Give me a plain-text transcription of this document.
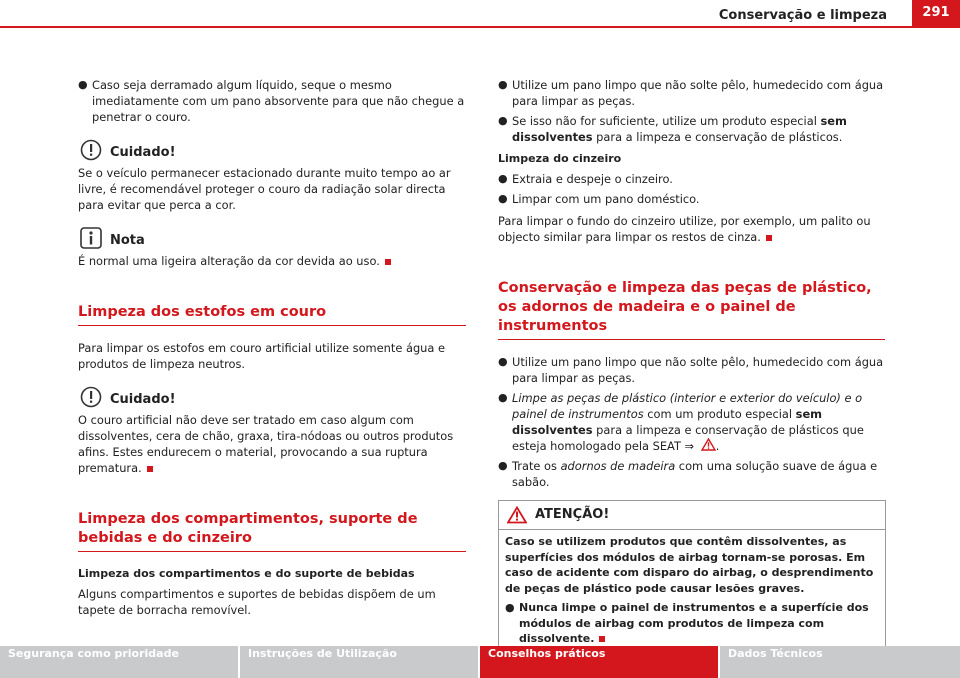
Conservação e limpeza	291
● Caso seja derramado algum líquido, seque o mesmo imediatamente com um pano absorvente para que não chegue a penetrar o couro.
Cuidado!

Se o veículo permanecer estacionado durante muito tempo ao ar livre, é recomendável proteger o couro da radiação solar directa para evitar que perca a cor.

Nota

É normal uma ligeira alteração da cor devida ao uso.

Limpeza dos estofos em couro

Para limpar os estofos em couro artificial utilize somente água e produtos de limpeza neutros.

Cuidado!

O couro artificial não deve ser tratado em caso algum com dissolventes, cera de chão, graxa, tira-nódoas ou outros produtos afins. Estes endurecem o material, provocando a sua ruptura prematura.

Limpeza dos compartimentos, suporte de bebidas e do cinzeiro

Limpeza dos compartimentos e do suporte de bebidas

Alguns compartimentos e suportes de bebidas dispõem de um tapete de borracha removível.

● Utilize um pano limpo que não solte pêlo, humedecido com água para limpar as peças.
● Se isso não for suficiente, utilize um produto especial sem dissolventes para a limpeza e conservação de plásticos.

Limpeza do cinzeiro

● Extraia e despeje o cinzeiro.
● Limpar com um pano doméstico.

Para limpar o fundo do cinzeiro utilize, por exemplo, um palito ou objecto similar para limpar os restos de cinza.

Conservação e limpeza das peças de plástico, os adornos de madeira e o painel de instrumentos
● Utilize um pano limpo que não solte pêlo, humedecido com água para limpar as peças.
● Limpe as peças de plástico (interior e exterior do veículo) e o painel de instrumentos com um produto especial sem dissolventes para a limpeza e conservação de plásticos que esteja homologado pela SEAT ⇒ .
● Trate os adornos de madeira com uma solução suave de água e sabão.
ATENÇÃO!

Caso se utilizem produtos que contêm dissolventes, as superfícies dos módulos de airbag tornam-se porosas. Em caso de acidente com disparo do airbag, o desprendimento de peças de plástico pode causar lesões graves.

● Nunca limpe o painel de instrumentos e a superfície dos módulos de airbag com produtos de limpeza com dissolvente.
Segurança como prioridade	Instruções de Utilização	Conselhos práticos	Dados Técnicos
